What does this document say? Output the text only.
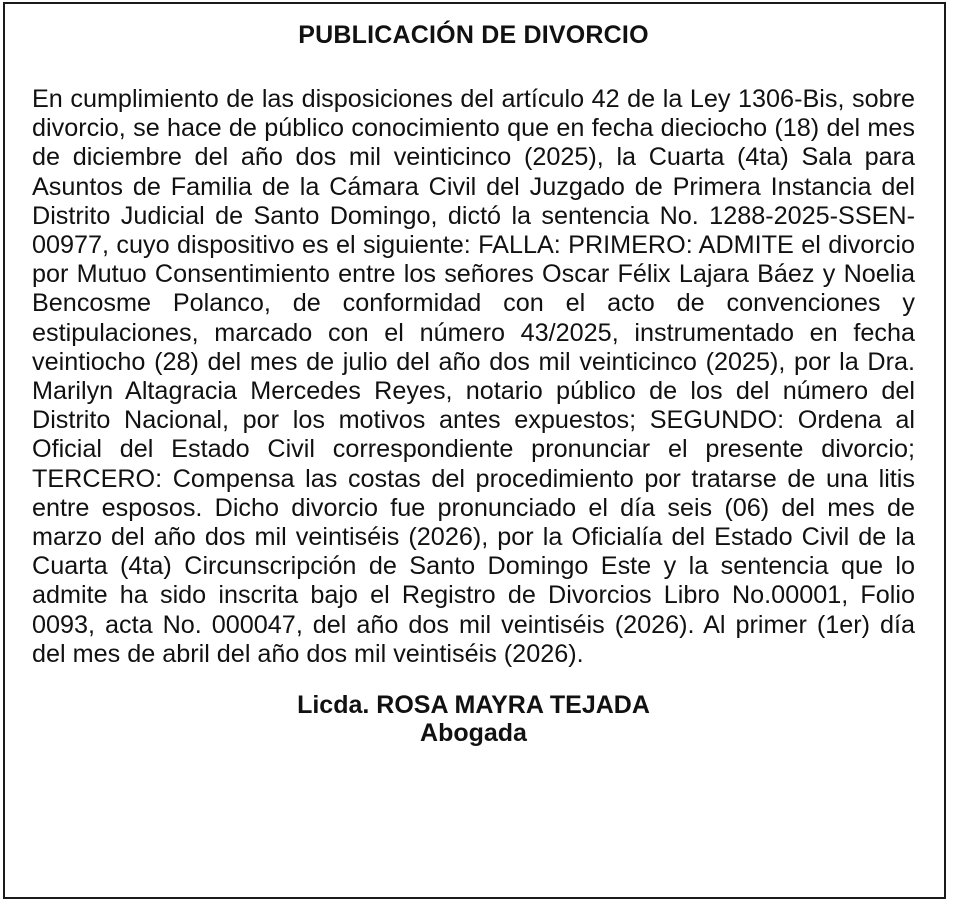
PUBLICACIÓN DE DIVORCIO

En cumplimiento de las disposiciones del artículo 42 de la Ley 1306-Bis, sobre divorcio, se hace de público conocimiento que en fecha dieciocho (18) del mes de diciembre del año dos mil veinticinco (2025), la Cuarta (4ta) Sala para Asuntos de Familia de la Cámara Civil del Juzgado de Primera Instancia del Distrito Judicial de Santo Domingo, dictó la sentencia No. 1288-2025-SSEN-00977, cuyo dispositivo es el siguiente: FALLA: PRIMERO: ADMITE el divorcio por Mutuo Consentimiento entre los señores Oscar Félix Lajara Báez y Noelia Bencosme Polanco, de conformidad con el acto de convenciones y estipulaciones, marcado con el número 43/2025, instrumentado en fecha veintiocho (28) del mes de julio del año dos mil veinticinco (2025), por la Dra. Marilyn Altagracia Mercedes Reyes, notario público de los del número del Distrito Nacional, por los motivos antes expuestos; SEGUNDO: Ordena al Oficial del Estado Civil correspondiente pronunciar el presente divorcio; TERCERO: Compensa las costas del procedimiento por tratarse de una litis entre esposos. Dicho divorcio fue pronunciado el día seis (06) del mes de marzo del año dos mil veintiséis (2026), por la Oficialía del Estado Civil de la Cuarta (4ta) Circunscripción de Santo Domingo Este y la sentencia que lo admite ha sido inscrita bajo el Registro de Divorcios Libro No.00001, Folio 0093, acta No. 000047, del año dos mil veintiséis (2026). Al primer (1er) día del mes de abril del año dos mil veintiséis (2026).

Licda. ROSA MAYRA TEJADA
Abogada
